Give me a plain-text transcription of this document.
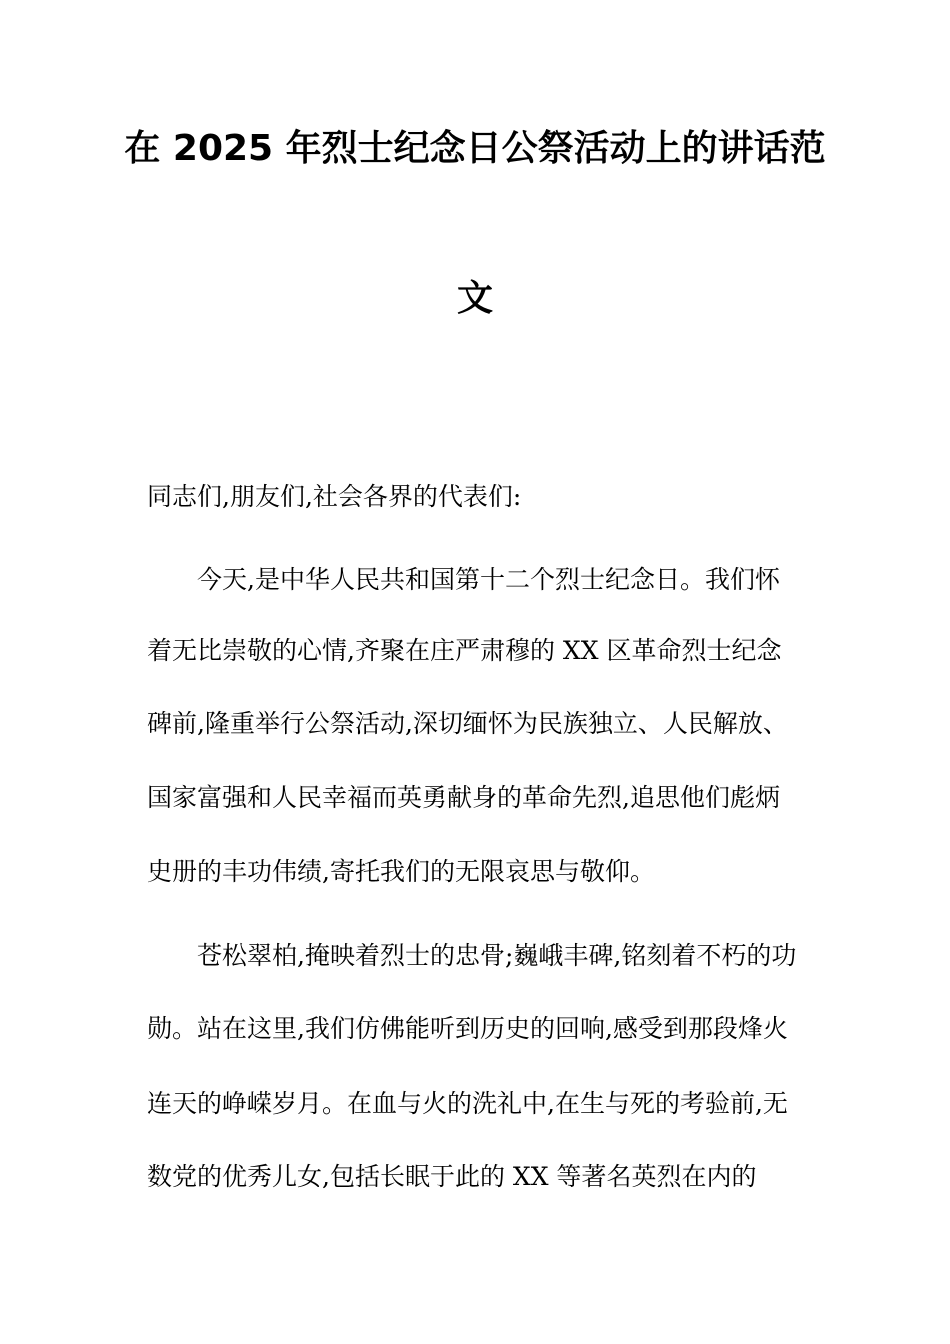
在 2025 年烈士纪念日公祭活动上的讲话范
文
同志们,朋友们,社会各界的代表们:
今天,是中华人民共和国第十二个烈士纪念日。我们怀
着无比崇敬的心情,齐聚在庄严肃穆的 XX 区革命烈士纪念
碑前,隆重举行公祭活动,深切缅怀为民族独立、人民解放、
国家富强和人民幸福而英勇献身的革命先烈,追思他们彪炳
史册的丰功伟绩,寄托我们的无限哀思与敬仰。
苍松翠柏,掩映着烈士的忠骨;巍峨丰碑,铭刻着不朽的功
勋。站在这里,我们仿佛能听到历史的回响,感受到那段烽火
连天的峥嵘岁月。在血与火的洗礼中,在生与死的考验前,无
数党的优秀儿女,包括长眠于此的 XX 等著名英烈在内的
